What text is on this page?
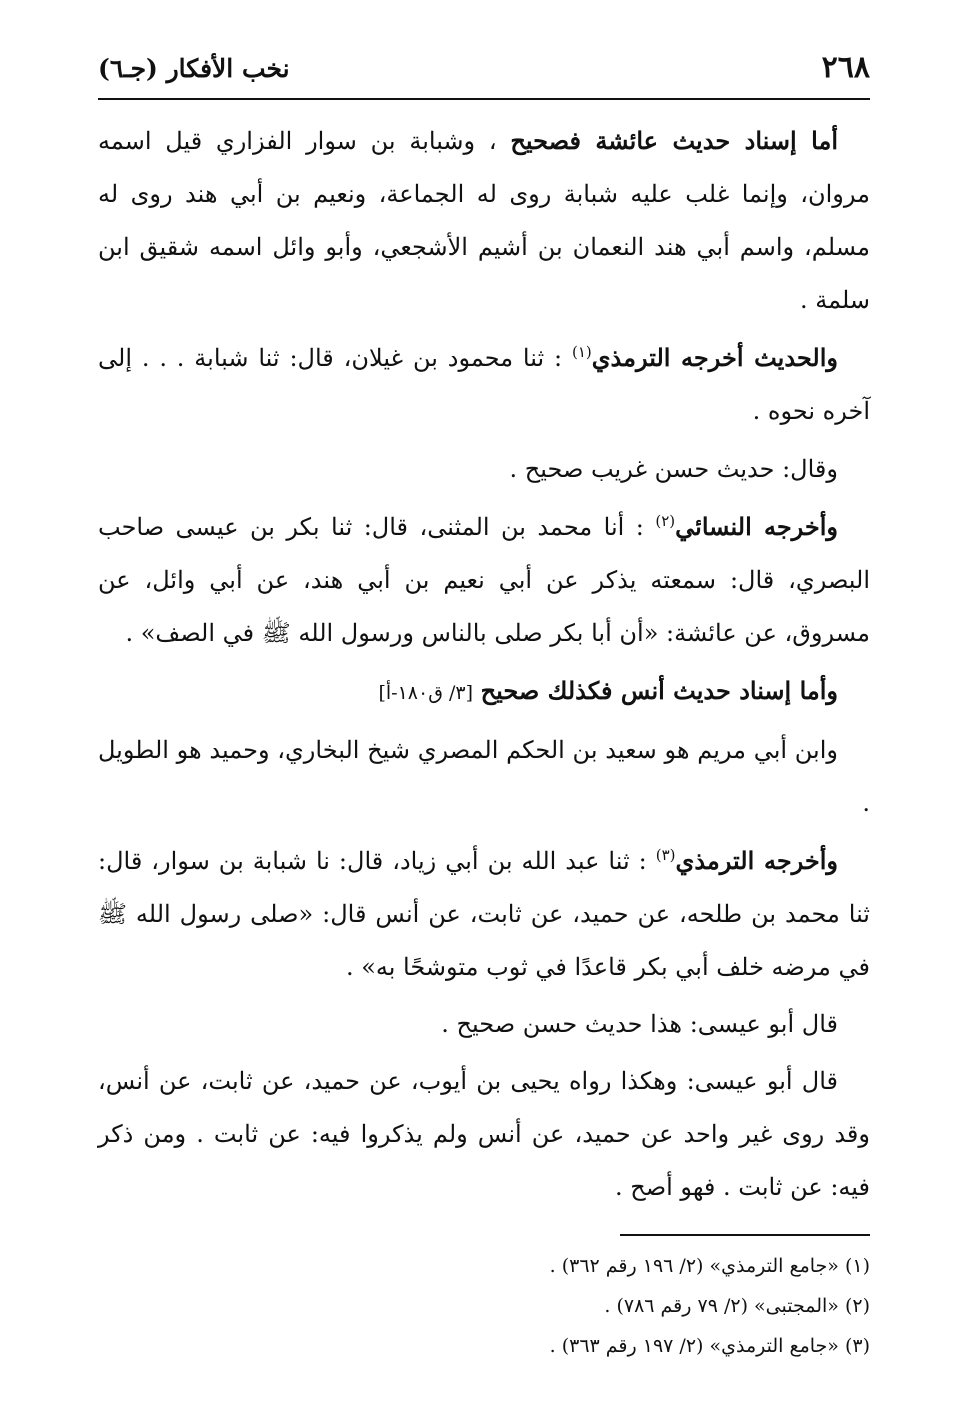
٢٦٨
نخب الأفكار (جـ٦)

أما إسناد حديث عائشة فصحيح ، وشبابة بن سوار الفزاري قيل اسمه مروان، وإنما غلب عليه شبابة روى له الجماعة، ونعيم بن أبي هند روى له مسلم، واسم أبي هند النعمان بن أشيم الأشجعي، وأبو وائل اسمه شقيق ابن سلمة .

والحديث أخرجه الترمذي$^{(١)}$ : ثنا محمود بن غيلان، قال: ثنا شبابة . . . إلى آخره نحوه .

وقال: حديث حسن غريب صحيح .

وأخرجه النسائي$^{(٢)}$ : أنا محمد بن المثنى، قال: ثنا بكر بن عيسى صاحب البصري، قال: سمعته يذكر عن أبي نعيم بن أبي هند، عن أبي وائل، عن مسروق، عن عائشة: «أن أبا بكر صلى بالناس ورسول الله ﷺ في الصف» .

وأما إسناد حديث أنس فكذلك صحيح [٣/ ق١٨٠-أ]

وابن أبي مريم هو سعيد بن الحكم المصري شيخ البخاري، وحميد هو الطويل .

وأخرجه الترمذي$^{(٣)}$ : ثنا عبد الله بن أبي زياد، قال: نا شبابة بن سوار، قال: ثنا محمد بن طلحه، عن حميد، عن ثابت، عن أنس قال: «صلى رسول الله ﷺ في مرضه خلف أبي بكر قاعدًا في ثوب متوشحًا به» .

قال أبو عيسى: هذا حديث حسن صحيح .

قال أبو عيسى: وهكذا رواه يحيى بن أيوب، عن حميد، عن ثابت، عن أنس، وقد روى غير واحد عن حميد، عن أنس ولم يذكروا فيه: عن ثابت . ومن ذكر فيه: عن ثابت . فهو أصح .

(١) «جامع الترمذي» (٢/ ١٩٦ رقم ٣٦٢) .
(٢) «المجتبى» (٢/ ٧٩ رقم ٧٨٦) .
(٣) «جامع الترمذي» (٢/ ١٩٧ رقم ٣٦٣) .
